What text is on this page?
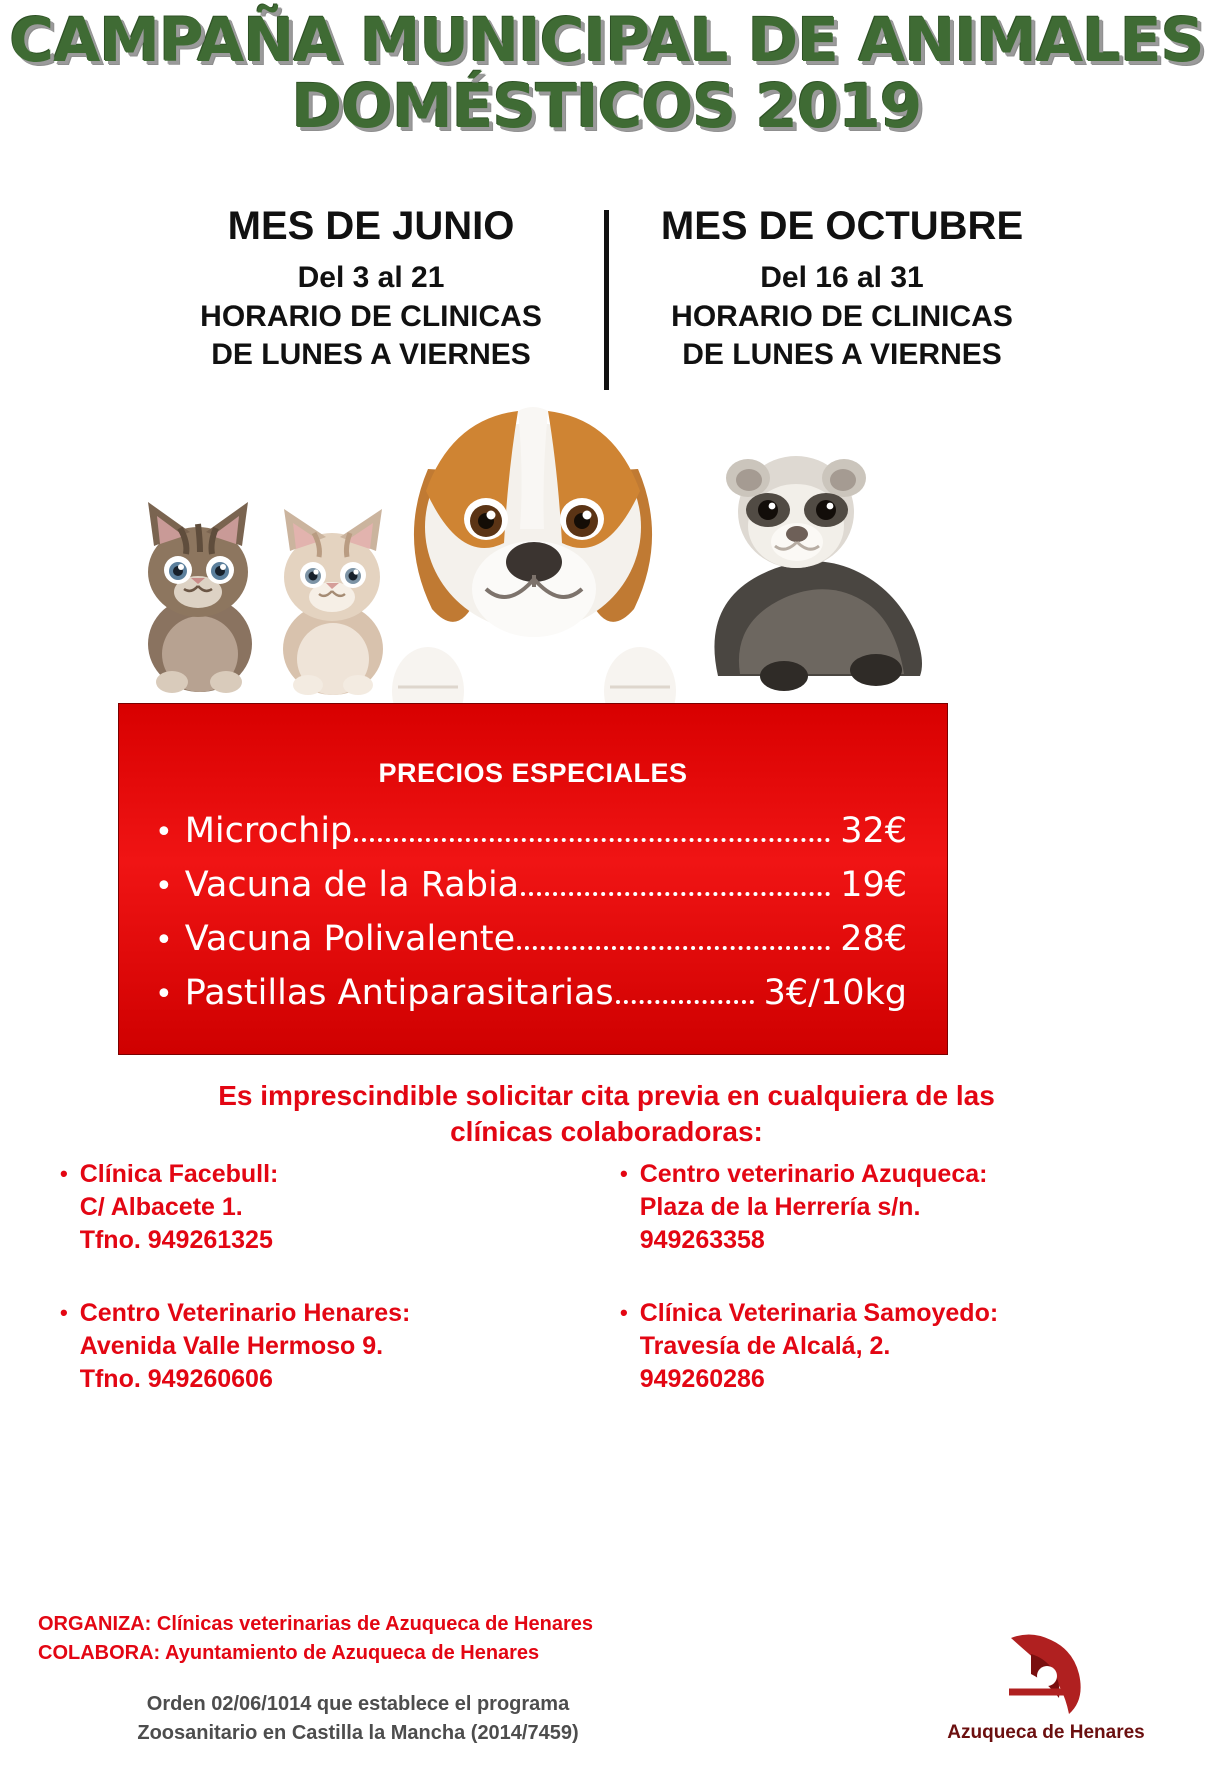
CAMPAÑA MUNICIPAL DE ANIMALES
DOMÉSTICOS 2019
MES DE JUNIO
Del 3 al 21
HORARIO DE CLINICAS
DE LUNES A VIERNES
MES DE OCTUBRE
Del 16 al 31
HORARIO DE CLINICAS
DE LUNES A VIERNES
PRECIOS ESPECIALES
• Microchip	32€
• Vacuna de la Rabia	19€
• Vacuna Polivalente	28€
• Pastillas Antiparasitarias	3€/10kg
Es imprescindible solicitar cita previa en cualquiera de las
clínicas colaboradoras:
• Clínica Facebull:
C/ Albacete 1.
Tfno. 949261325
• Centro veterinario Azuqueca:
Plaza de la Herrería s/n.
949263358
• Centro Veterinario Henares:
Avenida Valle Hermoso 9.
Tfno. 949260606
• Clínica Veterinaria Samoyedo:
Travesía de Alcalá, 2.
949260286
ORGANIZA: Clínicas veterinarias de Azuqueca de Henares
COLABORA: Ayuntamiento de Azuqueca de Henares
Orden 02/06/1014 que establece el programa
Zoosanitario en Castilla la Mancha (2014/7459)	Azuqueca de Henares
